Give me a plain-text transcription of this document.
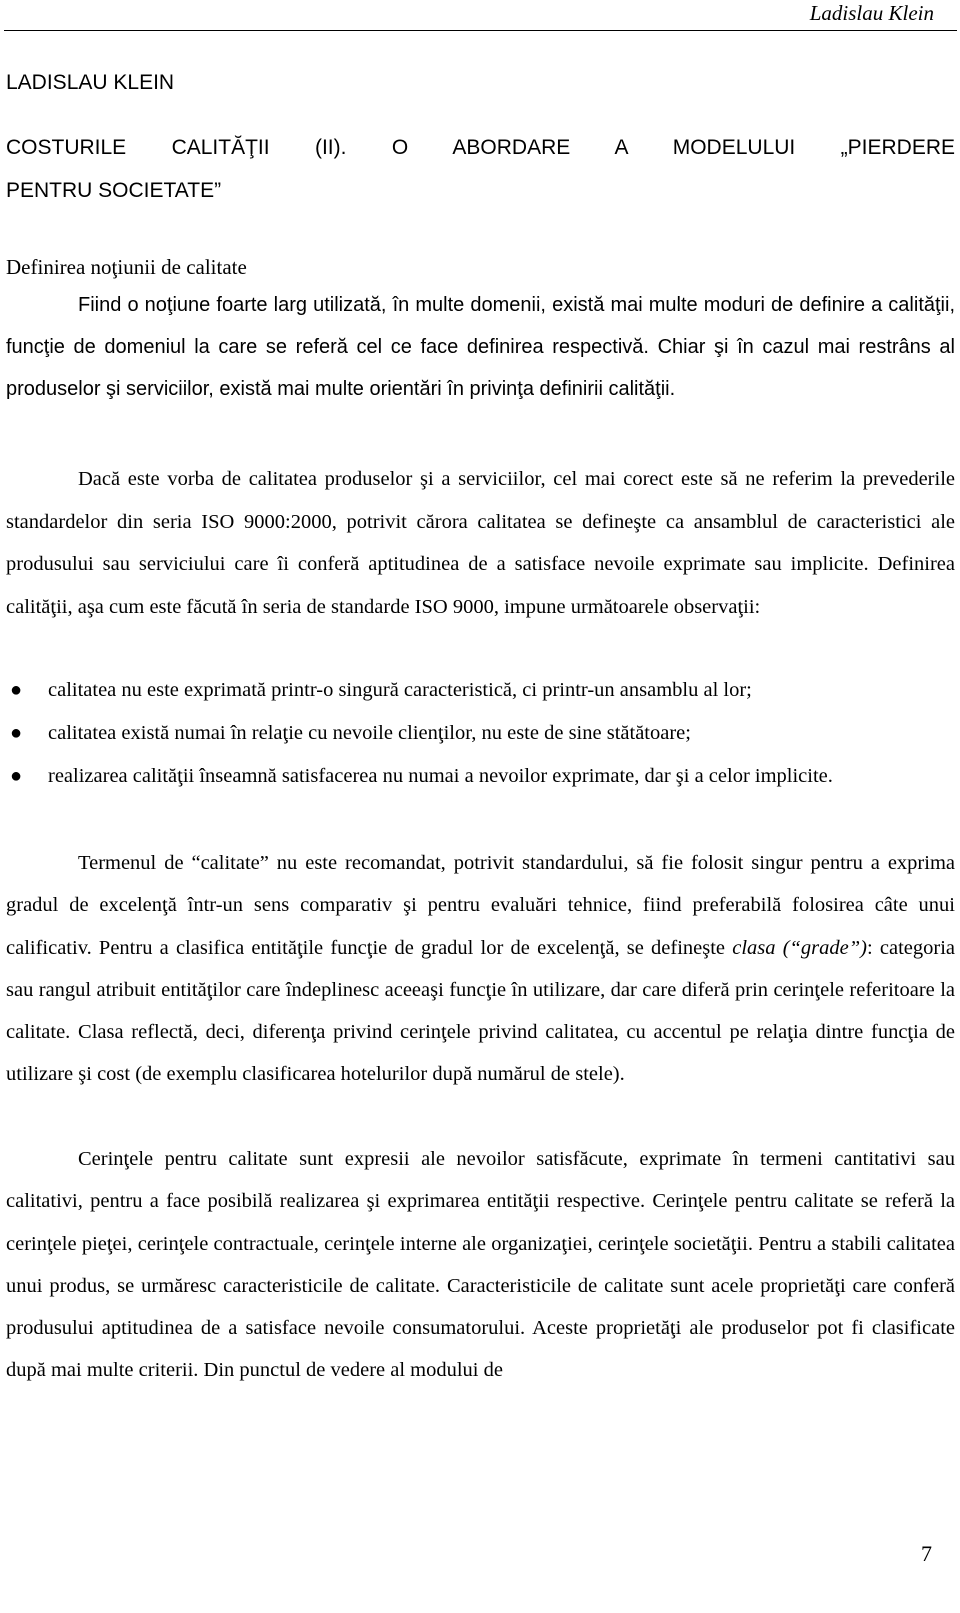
Ladislau Klein
LADISLAU KLEIN
COSTURILE CALITĂŢII (II). O ABORDARE A MODELULUI „PIERDERE
PENTRU SOCIETATE”
Definirea noţiunii de calitate

Fiind o noţiune foarte larg utilizată, în multe domenii, există mai multe moduri de definire a calităţii, funcţie de domeniul la care se referă cel ce face definirea respectivă. Chiar şi în cazul mai restrâns al produselor şi serviciilor, există mai multe orientări în privinţa definirii calităţii.

Dacă este vorba de calitatea produselor şi a serviciilor, cel mai corect este să ne referim la prevederile standardelor din seria ISO 9000:2000, potrivit cărora calitatea se defineşte ca ansamblul de caracteristici ale produsului sau serviciului care îi conferă aptitudinea de a satisface nevoile exprimate sau implicite. Definirea calităţii, aşa cum este făcută în seria de standarde ISO 9000, impune următoarele observaţii:

● calitatea nu este exprimată printr-o singură caracteristică, ci printr-un ansamblu al lor;
● calitatea există numai în relaţie cu nevoile clienţilor, nu este de sine stătătoare;
● realizarea calităţii înseamnă satisfacerea nu numai a nevoilor exprimate, dar şi a celor implicite.

Termenul de “calitate” nu este recomandat, potrivit standardului, să fie folosit singur pentru a exprima gradul de excelenţă într-un sens comparativ şi pentru evaluări tehnice, fiind preferabilă folosirea câte unui calificativ. Pentru a clasifica entităţile funcţie de gradul lor de excelenţă, se defineşte clasa (“grade”): categoria sau rangul atribuit entităţilor care îndeplinesc aceeaşi funcţie în utilizare, dar care diferă prin cerinţele referitoare la calitate. Clasa reflectă, deci, diferenţa privind cerinţele privind calitatea, cu accentul pe relaţia dintre funcţia de utilizare şi cost (de exemplu clasificarea hotelurilor după numărul de stele).

Cerinţele pentru calitate sunt expresii ale nevoilor satisfăcute, exprimate în termeni cantitativi sau calitativi, pentru a face posibilă realizarea şi exprimarea entităţii respective. Cerinţele pentru calitate se referă la cerinţele pieţei, cerinţele contractuale, cerinţele interne ale organizaţiei, cerinţele societăţii. Pentru a stabili calitatea unui produs, se urmăresc caracteristicile de calitate. Caracteristicile de calitate sunt acele proprietăţi care conferă produsului aptitudinea de a satisface nevoile consumatorului. Aceste proprietăţi ale produselor pot fi clasificate după mai multe criterii. Din punctul de vedere al modului de

7
